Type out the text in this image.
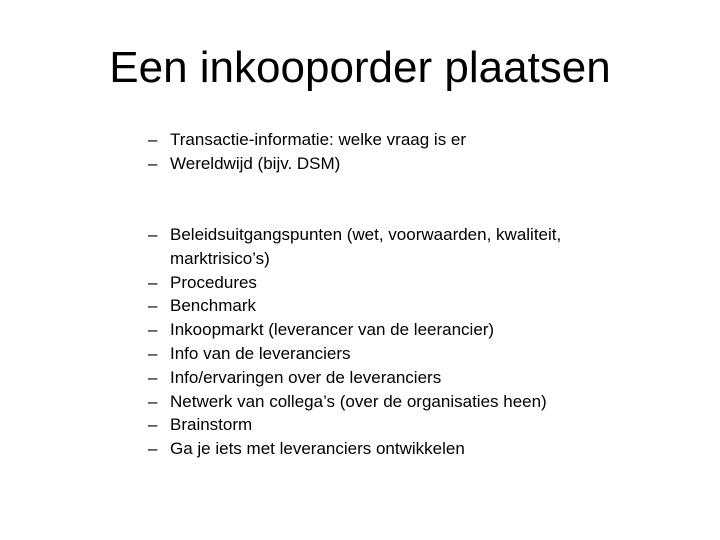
Een inkooporder plaatsen
– Transactie-informatie: welke vraag is er
– Wereldwijd (bijv. DSM)
– Beleidsuitgangspunten (wet, voorwaarden, kwaliteit, marktrisico’s)
– Procedures
– Benchmark
– Inkoopmarkt (leverancer van de leerancier)
– Info van de leveranciers
– Info/ervaringen over de leveranciers
– Netwerk van collega’s (over de organisaties heen)
– Brainstorm
– Ga je iets met leveranciers ontwikkelen
